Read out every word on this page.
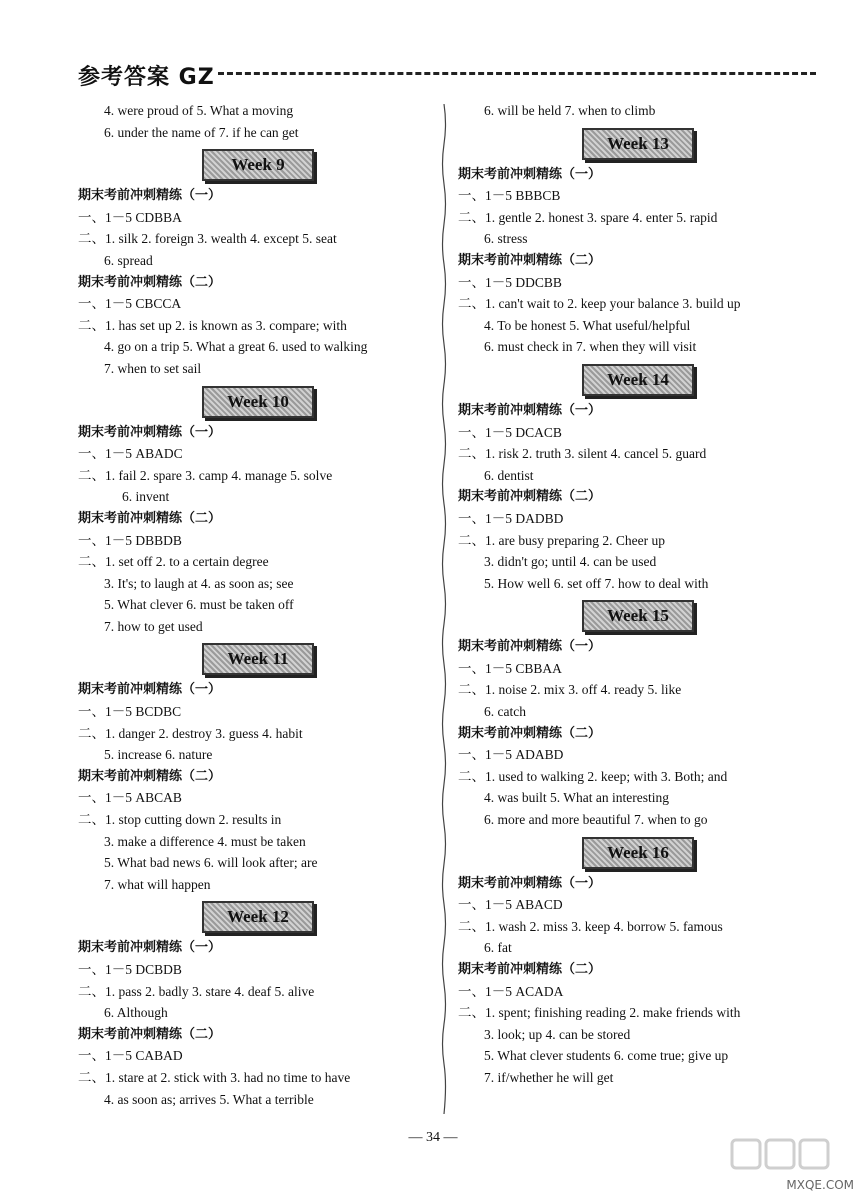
参考答案 GZ
4. were proud of 5. What a moving
6. under the name of 7. if he can get
Week 9
期末考前冲刺精练（一）
一、1－5 CDBBA
二、1. silk 2. foreign 3. wealth 4. except 5. seat
6. spread
期末考前冲刺精练（二）
一、1－5 CBCCA
二、1. has set up 2. is known as 3. compare; with
4. go on a trip 5. What a great 6. used to walking
7. when to set sail
Week 10
期末考前冲刺精练（一）
一、1－5 ABADC
二、1. fail 2. spare 3. camp 4. manage 5. solve
6. invent
期末考前冲刺精练（二）
一、1－5 DBBDB
二、1. set off 2. to a certain degree
3. It's; to laugh at 4. as soon as; see
5. What clever 6. must be taken off
7. how to get used
Week 11
期末考前冲刺精练（一）
一、1－5 BCDBC
二、1. danger 2. destroy 3. guess 4. habit
5. increase 6. nature
期末考前冲刺精练（二）
一、1－5 ABCAB
二、1. stop cutting down 2. results in
3. make a difference 4. must be taken
5. What bad news 6. will look after; are
7. what will happen
Week 12
期末考前冲刺精练（一）
一、1－5 DCBDB
二、1. pass 2. badly 3. stare 4. deaf 5. alive
6. Although
期末考前冲刺精练（二）
一、1－5 CABAD
二、1. stare at 2. stick with 3. had no time to have
4. as soon as; arrives 5. What a terrible
6. will be held 7. when to climb
Week 13
期末考前冲刺精练（一）
一、1－5 BBBCB
二、1. gentle 2. honest 3. spare 4. enter 5. rapid
6. stress
期末考前冲刺精练（二）
一、1－5 DDCBB
二、1. can't wait to 2. keep your balance 3. build up
4. To be honest 5. What useful/helpful
6. must check in 7. when they will visit
Week 14
期末考前冲刺精练（一）
一、1－5 DCACB
二、1. risk 2. truth 3. silent 4. cancel 5. guard
6. dentist
期末考前冲刺精练（二）
一、1－5 DADBD
二、1. are busy preparing 2. Cheer up
3. didn't go; until 4. can be used
5. How well 6. set off 7. how to deal with
Week 15
期末考前冲刺精练（一）
一、1－5 CBBAA
二、1. noise 2. mix 3. off 4. ready 5. like
6. catch
期末考前冲刺精练（二）
一、1－5 ADABD
二、1. used to walking 2. keep; with 3. Both; and
4. was built 5. What an interesting
6. more and more beautiful 7. when to go
Week 16
期末考前冲刺精练（一）
一、1－5 ABACD
二、1. wash 2. miss 3. keep 4. borrow 5. famous
6. fat
期末考前冲刺精练（二）
一、1－5 ACADA
二、1. spent; finishing reading 2. make friends with
3. look; up 4. can be stored
5. What clever students 6. come true; give up
7. if/whether he will get
— 34 —
MXQE.COM
